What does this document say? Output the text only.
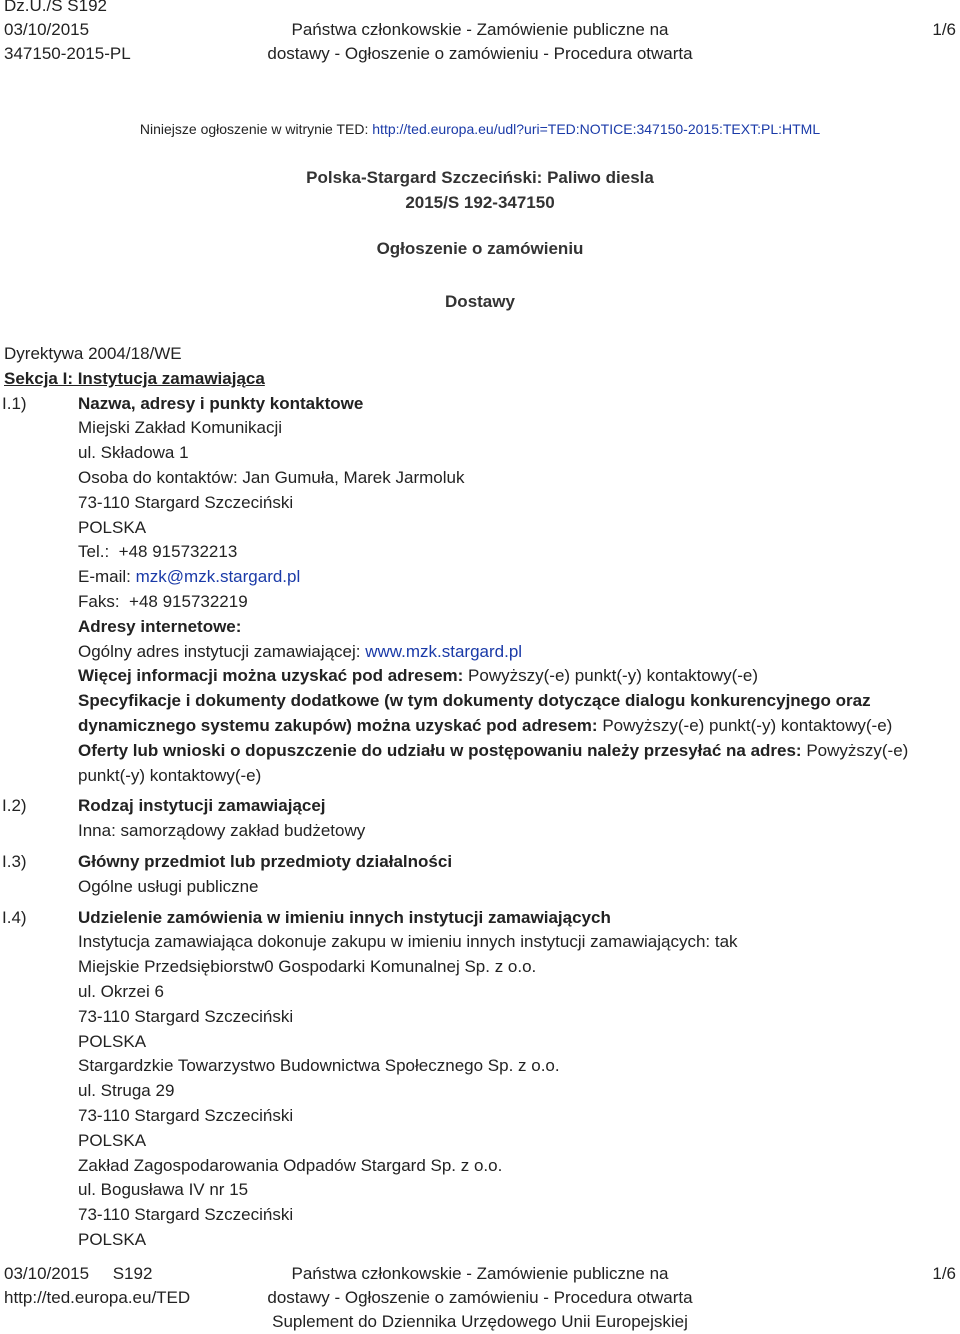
Dz.U./S S192
03/10/2015
347150-2015-PL
Państwa członkowskie - Zamówienie publiczne na
dostawy - Ogłoszenie o zamówieniu - Procedura otwarta
1/6
Niniejsze ogłoszenie w witrynie TED: http://ted.europa.eu/udl?uri=TED:NOTICE:347150-2015:TEXT:PL:HTML
Polska-Stargard Szczeciński: Paliwo diesla
2015/S 192-347150
Ogłoszenie o zamówieniu
Dostawy
Dyrektywa 2004/18/WE
Sekcja I: Instytucja zamawiająca
I.1)	Nazwa, adresy i punkty kontaktowe
Miejski Zakład Komunikacji
ul. Składowa 1
Osoba do kontaktów: Jan Gumuła, Marek Jarmoluk
73-110 Stargard Szczeciński
POLSKA
Tel.: +48 915732213
E-mail: mzk@mzk.stargard.pl
Faks: +48 915732219
Adresy internetowe:
Ogólny adres instytucji zamawiającej: www.mzk.stargard.pl
Więcej informacji można uzyskać pod adresem: Powyższy(-e) punkt(-y) kontaktowy(-e)
Specyfikacje i dokumenty dodatkowe (w tym dokumenty dotyczące dialogu konkurencyjnego oraz dynamicznego systemu zakupów) można uzyskać pod adresem: Powyższy(-e) punkt(-y) kontaktowy(-e)
Oferty lub wnioski o dopuszczenie do udziału w postępowaniu należy przesyłać na adres: Powyższy(-e) punkt(-y) kontaktowy(-e)
I.2)	Rodzaj instytucji zamawiającej
Inna: samorządowy zakład budżetowy
I.3)	Główny przedmiot lub przedmioty działalności
Ogólne usługi publiczne
I.4)	Udzielenie zamówienia w imieniu innych instytucji zamawiających
Instytucja zamawiająca dokonuje zakupu w imieniu innych instytucji zamawiających: tak
Miejskie Przedsiębiorstw0 Gospodarki Komunalnej Sp. z o.o.
ul. Okrzei 6
73-110 Stargard Szczeciński
POLSKA
Stargardzkie Towarzystwo Budownictwa Społecznego Sp. z o.o.
ul. Struga 29
73-110 Stargard Szczeciński
POLSKA
Zakład Zagospodarowania Odpadów Stargard Sp. z o.o.
ul. Bogusława IV nr 15
73-110 Stargard Szczeciński
POLSKA
03/10/2015 S192
http://ted.europa.eu/TED
Państwa członkowskie - Zamówienie publiczne na
dostawy - Ogłoszenie o zamówieniu - Procedura otwarta
Suplement do Dziennika Urzędowego Unii Europejskiej
1/6
